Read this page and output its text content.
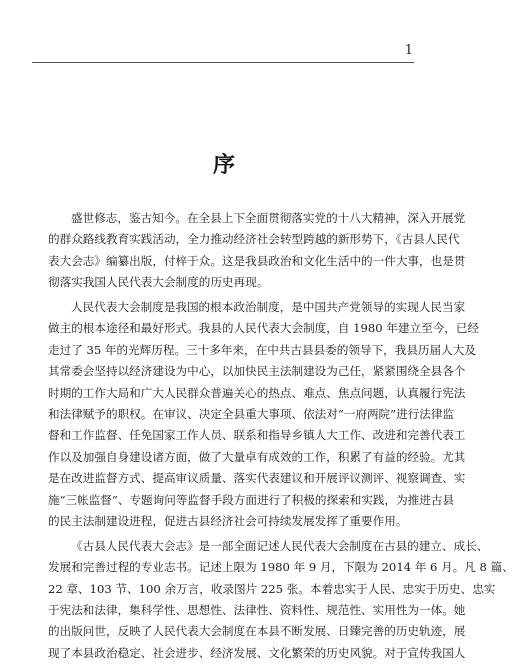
1
序
盛世修志，鉴古知今。在全县上下全面贯彻落实党的十八大精神，深入开展党
的群众路线教育实践活动，全力推动经济社会转型跨越的新形势下，《古县人民代
表大会志》编纂出版，付梓于众。这是我县政治和文化生活中的一件大事，也是贯
彻落实我国人民代表大会制度的历史再现。
人民代表大会制度是我国的根本政治制度，是中国共产党领导的实现人民当家
做主的根本途径和最好形式。我县的人民代表大会制度，自 1980 年建立至今，已经
走过了 35 年的光辉历程。三十多年来，在中共古县县委的领导下，我县历届人大及
其常委会坚持以经济建设为中心，以加快民主法制建设为己任，紧紧围绕全县各个
时期的工作大局和广大人民群众普遍关心的热点、难点、焦点问题，认真履行宪法
和法律赋予的职权。在审议、决定全县重大事项、依法对“一府两院”进行法律监
督和工作监督、任免国家工作人员、联系和指导乡镇人大工作、改进和完善代表工
作以及加强自身建设诸方面，做了大量卓有成效的工作，积累了有益的经验。尤其
是在改进监督方式、提高审议质量、落实代表建议和开展评议测评、视察调查、实
施“三帐监督”、专题询问等监督手段方面进行了积极的探索和实践，为推进古县
的民主法制建设进程，促进古县经济社会可持续发展发挥了重要作用。
《古县人民代表大会志》是一部全面记述人民代表大会制度在古县的建立、成长、
发展和完善过程的专业志书。记述上限为 1980 年 9 月，下限为 2014 年 6 月。凡 8 篇、
22 章、103 节、100 余万言，收录图片 225 张。本着忠实于人民、忠实于历史、忠实
于宪法和法律，集科学性、思想性、法律性、资料性、规范性、实用性为一体。她
的出版问世，反映了人民代表大会制度在本县不断发展、日臻完善的历史轨迹，展
现了本县政治稳定、社会进步、经济发展、文化繁荣的历史风貌。对于宣传我国人
